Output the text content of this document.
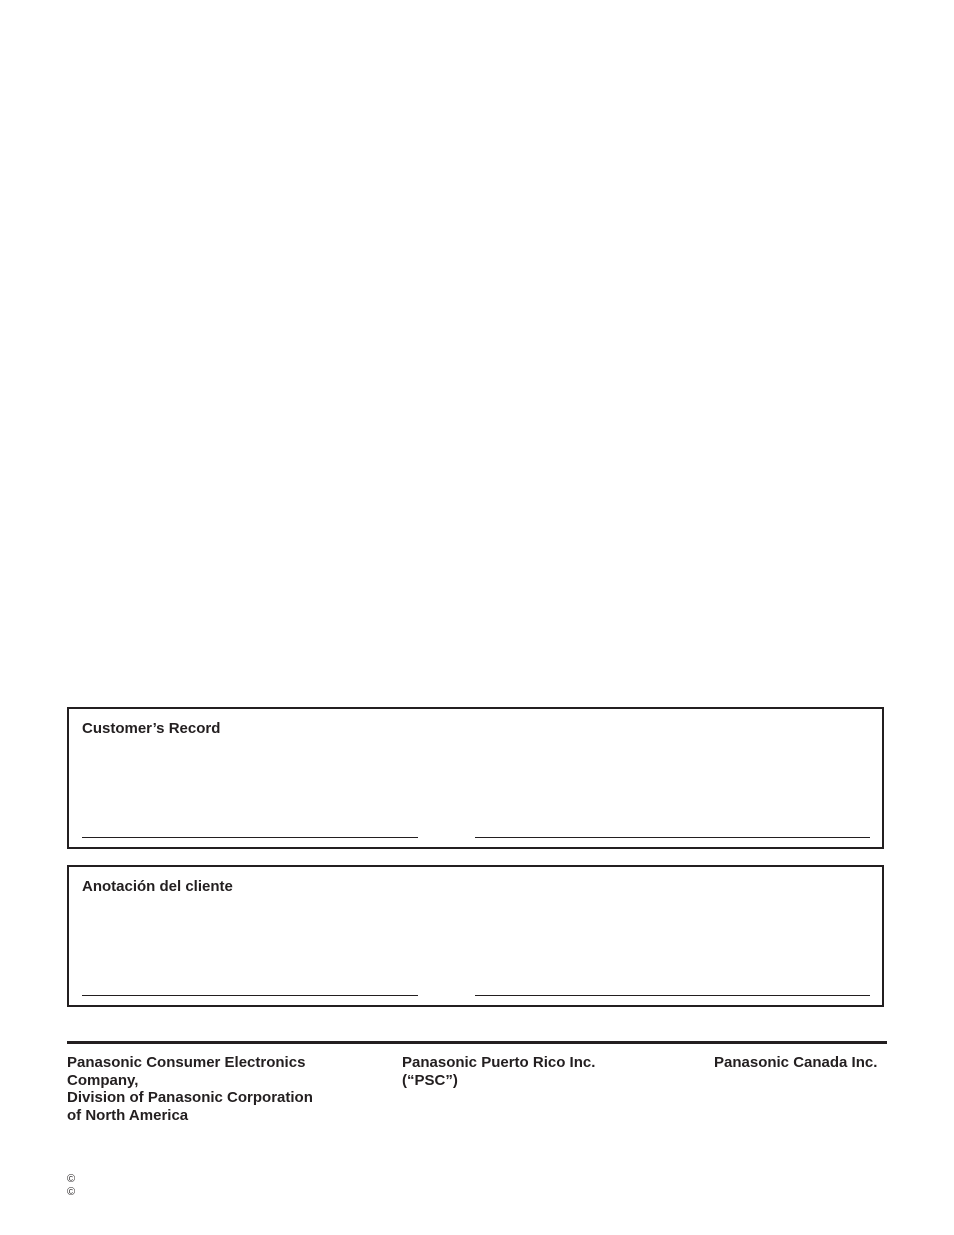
Customer’s Record

Anotación del cliente

Panasonic Consumer Electronics
Company,
Division of Panasonic Corporation
of North America
Panasonic Puerto Rico Inc.
(“PSC”)
Panasonic Canada Inc.
©
©
